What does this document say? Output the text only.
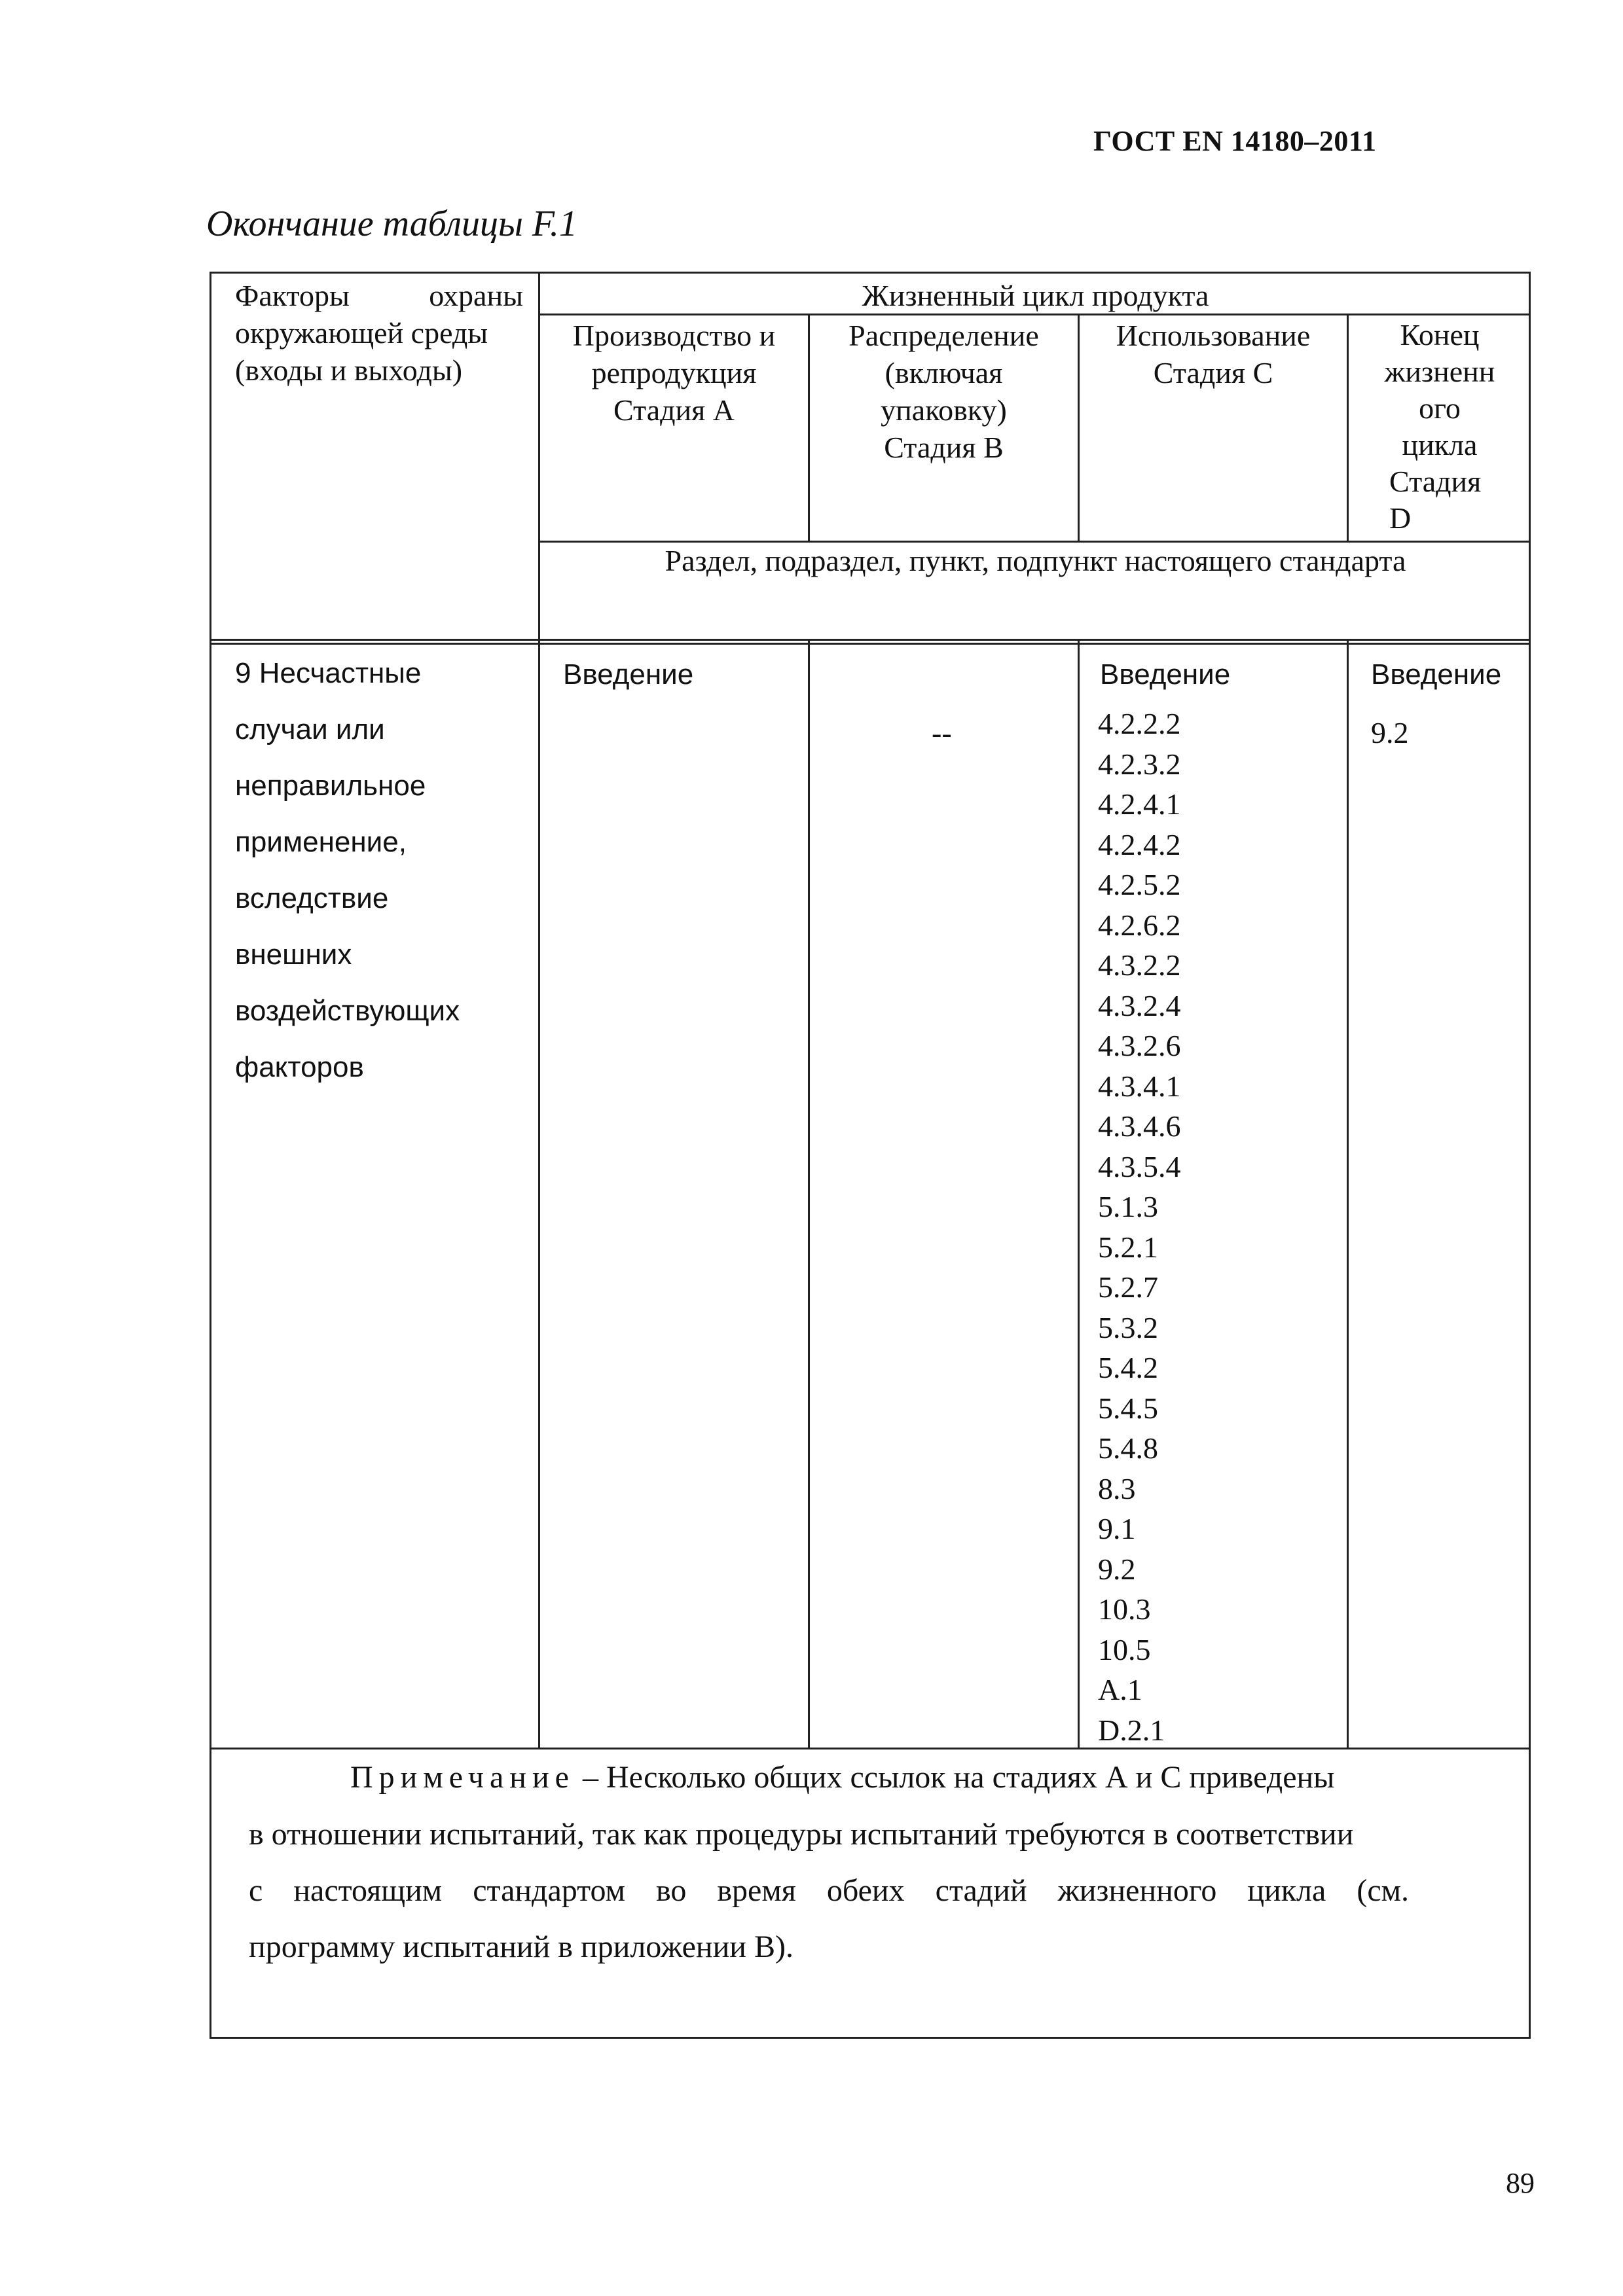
ГОСТ EN 14180–2011
Окончание таблицы F.1
Факторы	охраны
окружающей среды
(входы и выходы)
Жизненный цикл продукта
Производство и
репродукция
Стадия А
Распределение
(включая
упаковку)
Стадия В
Использование
Стадия С
Конец
жизненн
ого
цикла
Стадия
D
Раздел, подраздел, пункт, подпункт настоящего стандарта
9 Несчастные
случаи или
неправильное
применение,
вследствие
внешних
воздействующих
факторов
Введение
--
Введение	Введение
9.2
4.2.2.2
4.2.3.2
4.2.4.1
4.2.4.2
4.2.5.2
4.2.6.2
4.3.2.2
4.3.2.4
4.3.2.6
4.3.4.1
4.3.4.6
4.3.5.4
5.1.3
5.2.1
5.2.7
5.3.2
5.4.2
5.4.5
5.4.8
8.3
9.1
9.2
10.3
10.5
А.1
D.2.1
Примечание – Несколько общих ссылок на стадиях А и С приведены
в отношении испытаний, так как процедуры испытаний требуются в соответствии
с настоящим стандартом во время обеих стадий жизненного цикла (см.
программу испытаний в приложении В).
89
